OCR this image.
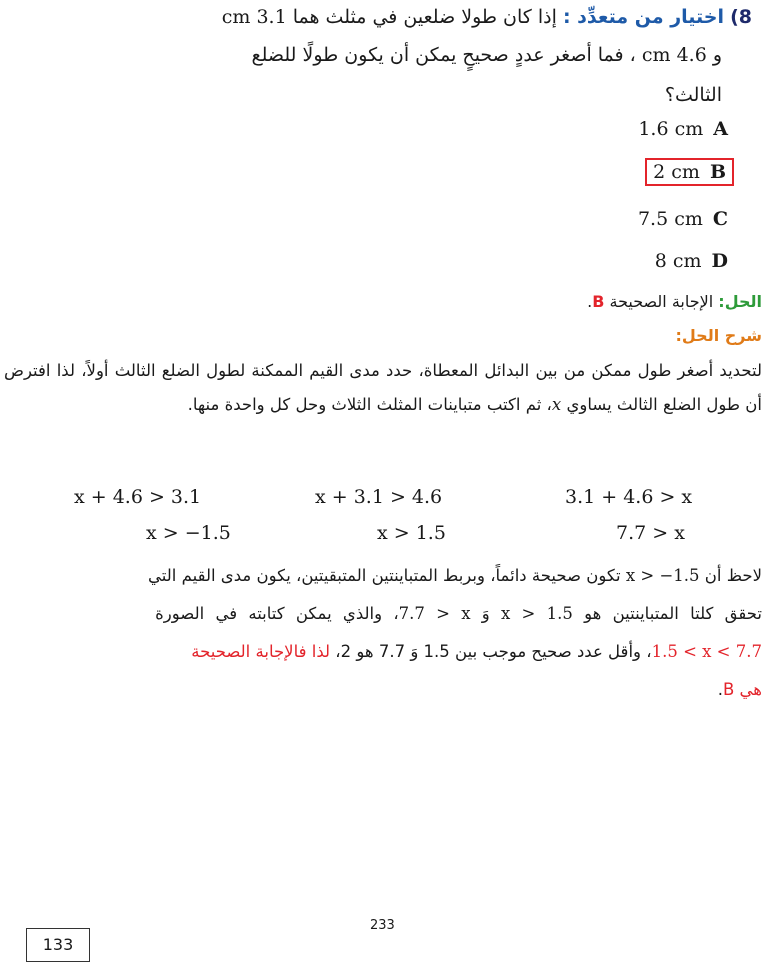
8) اختيار من متعدِّد : إذا كان طولا ضلعين في مثلث هما 3.1 cm
و 4.6 cm ، فما أصغر عددٍ صحيحٍ يمكن أن يكون طولًا للضلع
الثالث؟
1.6 cm A
2 cm B
7.5 cm C
8 cm D
الحل: الإجابة الصحيحة B.
شرح الحل:
لتحديد أصغر طول ممكن من بين البدائل المعطاة، حدد مدى القيم الممكنة لطول الضلع الثالث أولاً، لذا افترض أن طول الضلع الثالث يساوي x، ثم اكتب متباينات المثلث الثلاث وحل كل واحدة منها.
3.1 + 4.6 > x
x + 3.1 > 4.6
x + 4.6 > 3.1
7.7 > x
x > 1.5
x > −1.5
لاحظ أن x > −1.5 تكون صحيحة دائماً، وبربط المتباينتين المتبقيتين، يكون مدى القيم التي
تحقق كلتا المتباينتين هو x > 1.5 وَ 7.7 > x، والذي يمكن كتابته في الصورة
1.5 < x < 7.7، وأقل عدد صحيح موجب بين 1.5 وَ 7.7 هو 2، لذا فالإجابة الصحيحة
هي B.
233
133
